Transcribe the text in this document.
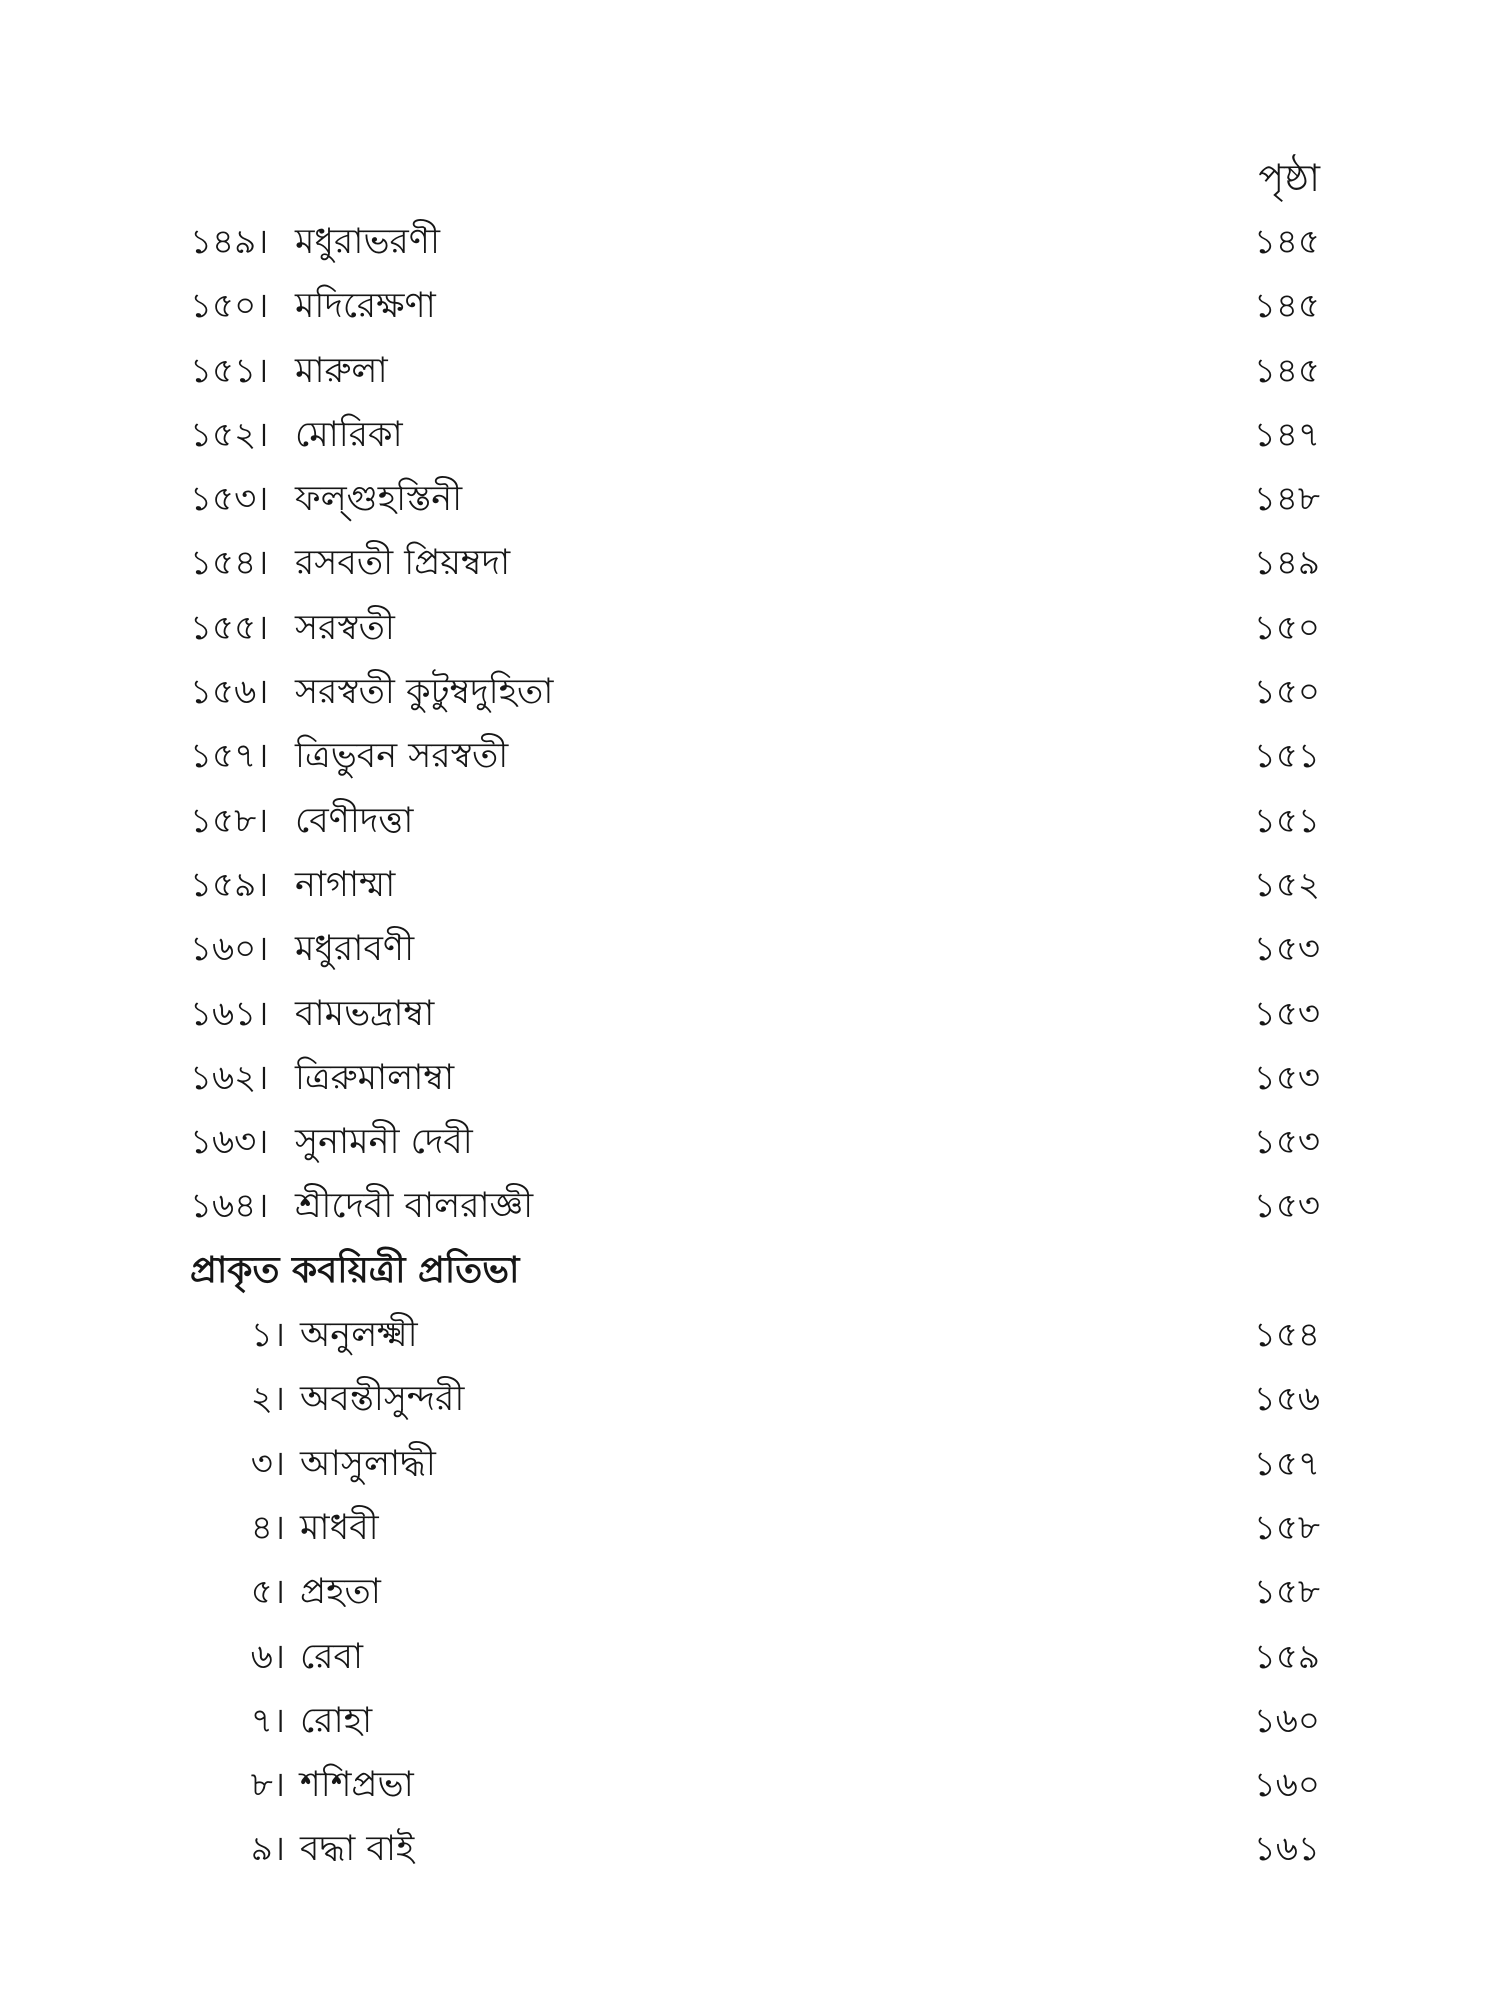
পৃষ্ঠা
১৪৯। মধুরাভরণী	১৪৫
১৫০। মদিরেক্ষণা	১৪৫
১৫১। মারুলা	১৪৫
১৫২। মোরিকা	১৪৭
১৫৩। ফল্গুহস্তিনী	১৪৮
১৫৪। রসবতী প্রিয়ম্বদা	১৪৯
১৫৫। সরস্বতী	১৫০
১৫৬। সরস্বতী কুটুম্বদুহিতা	১৫০
১৫৭। ত্রিভুবন সরস্বতী	১৫১
১৫৮। বেণীদত্তা	১৫১
১৫৯। নাগাম্মা	১৫২
১৬০। মধুরাবণী	১৫৩
১৬১। বামভদ্রাম্বা	১৫৩
১৬২। ত্রিরুমালাম্বা	১৫৩
১৬৩। সুনামনী দেবী	১৫৩
১৬৪। শ্রীদেবী বালরাজ্ঞী	১৫৩
প্রাকৃত কবয়িত্রী প্রতিভা
১। অনুলক্ষ্মী	১৫৪
২। অবন্তীসুন্দরী	১৫৬
৩। আসুলাদ্ধী	১৫৭
৪। মাধবী	১৫৮
৫। প্রহতা	১৫৮
৬। রেবা	১৫৯
৭। রোহা	১৬০
৮। শশিপ্রভা	১৬০
৯। বদ্ধা বাই	১৬১
